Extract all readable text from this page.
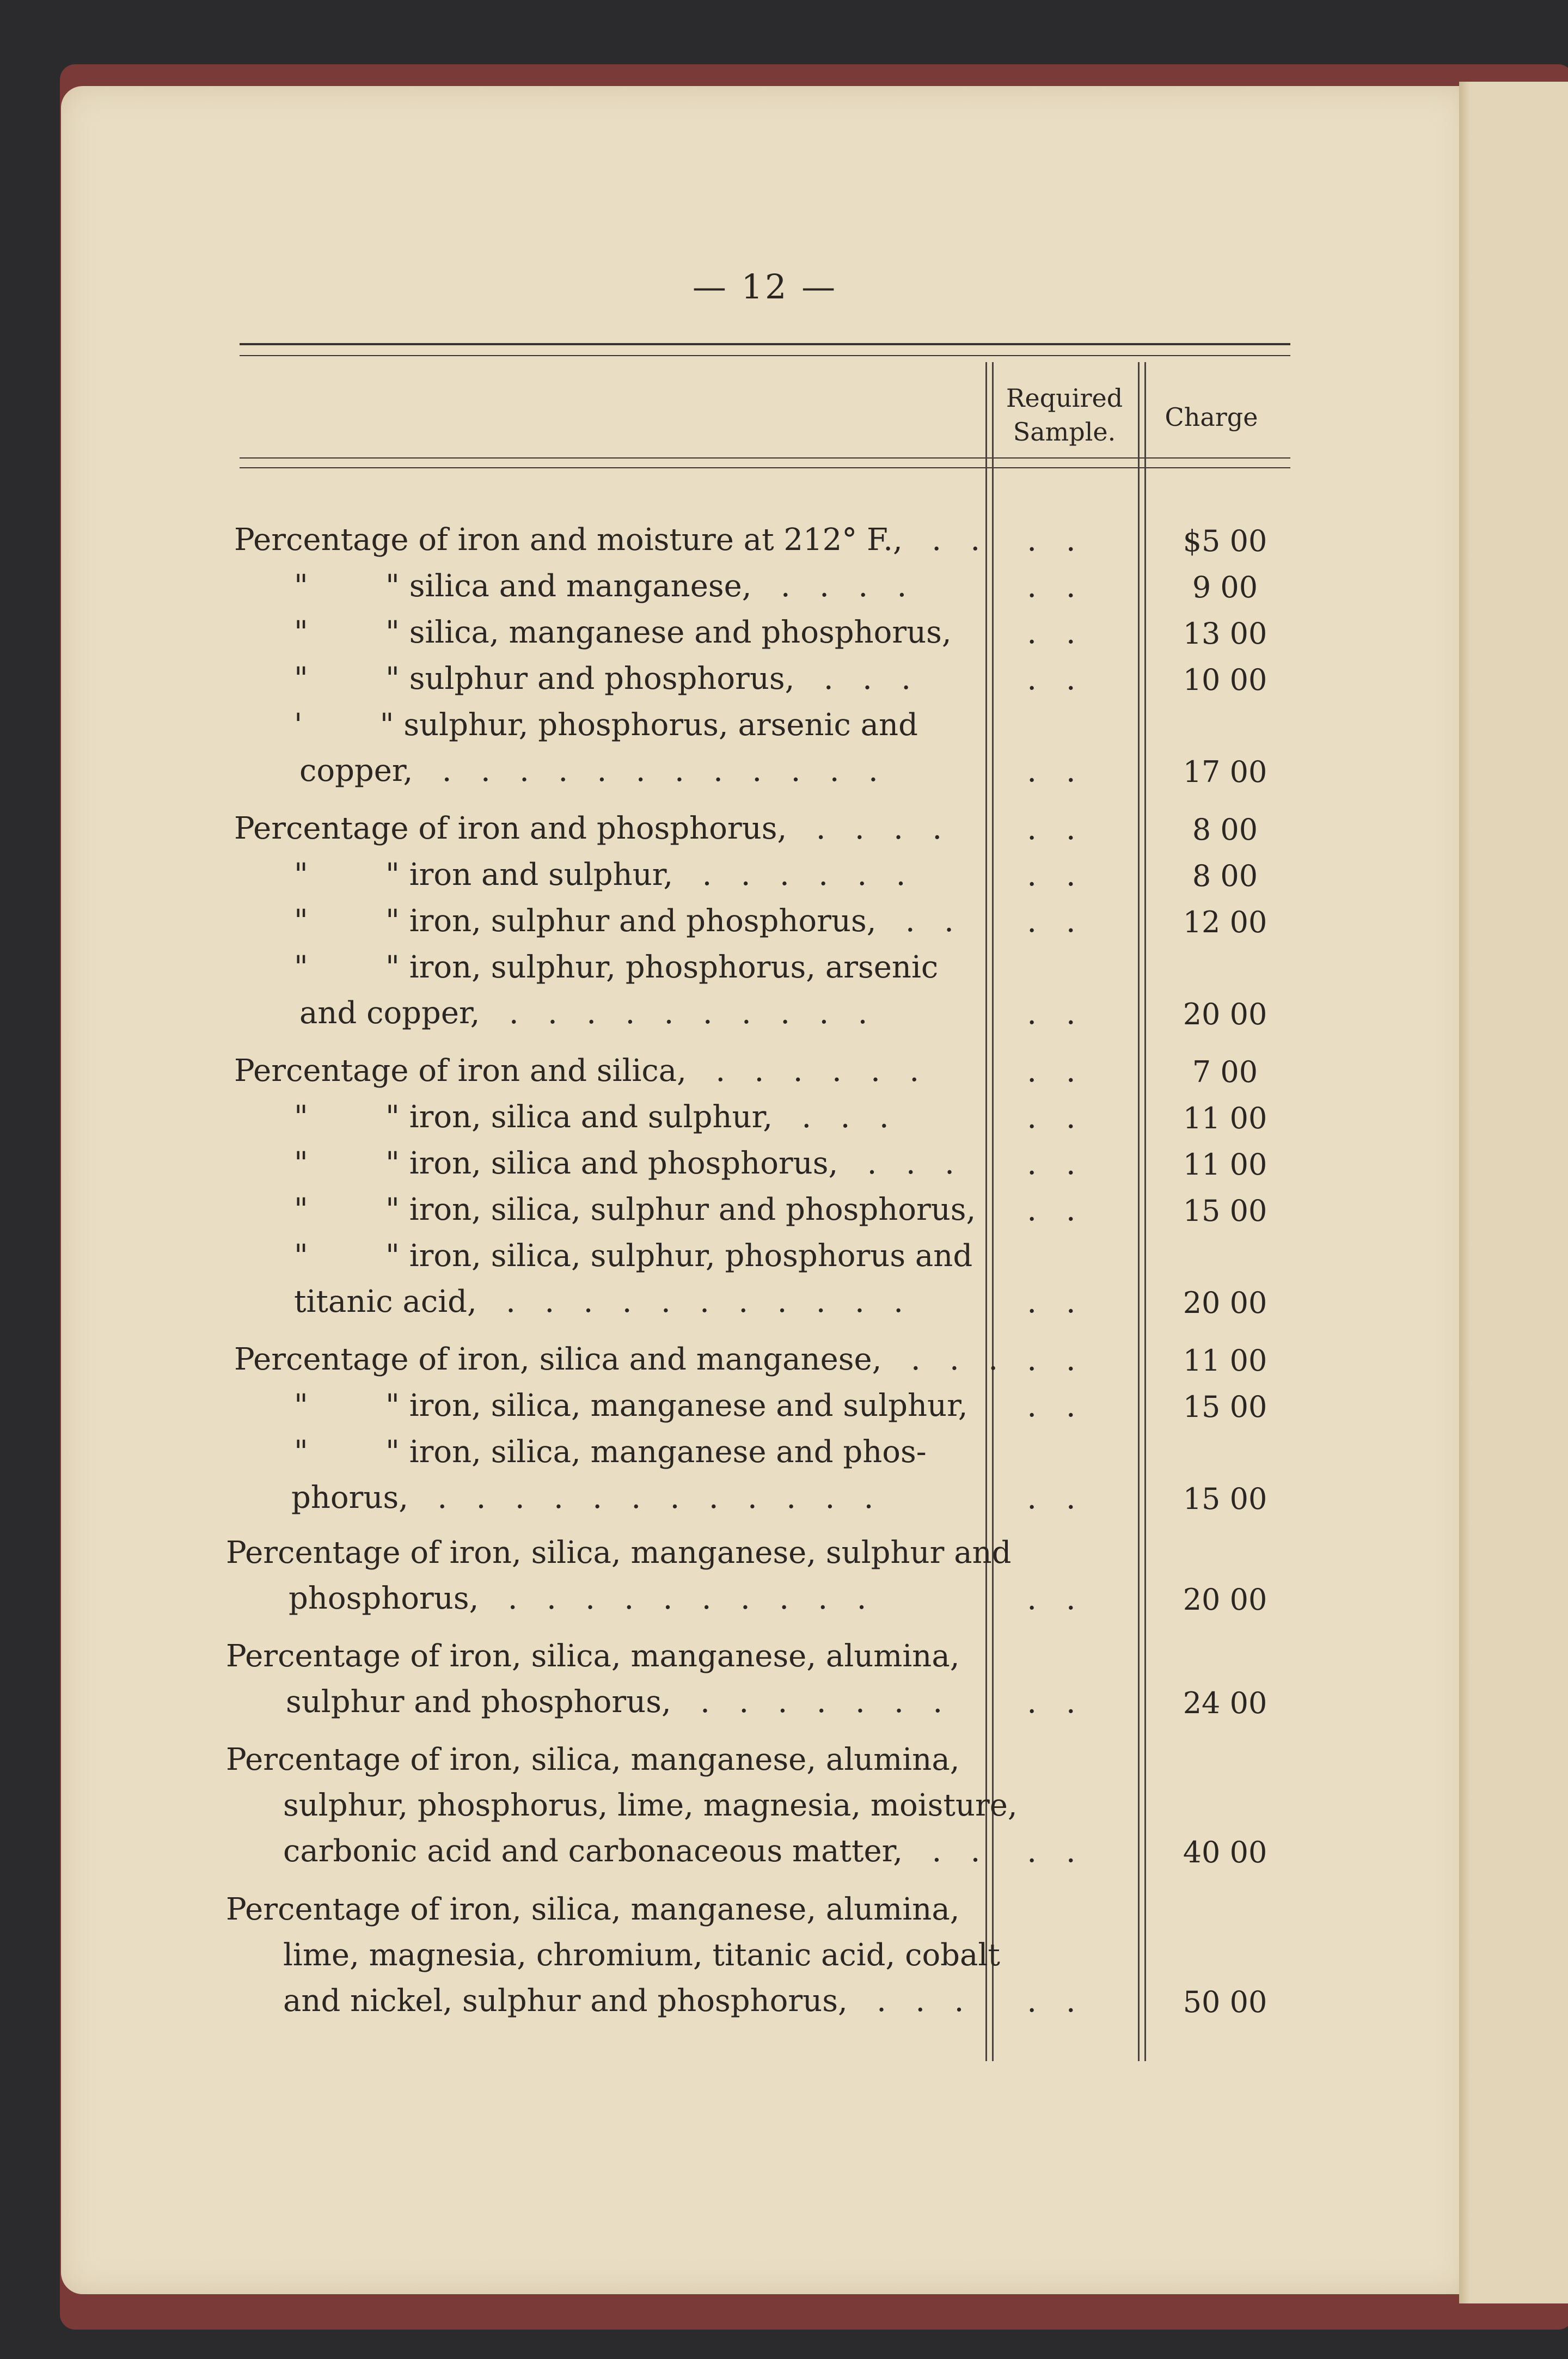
— 12 —
Required
Sample.	Charge
Percentage of iron and moisture at 212° F.,   .   . . .	$5 00
"        " silica and manganese,   .   .   .   .	. .	9 00
"        " silica, manganese and phosphorus, . .	13 00
"        " sulphur and phosphorus,   .   .   .	. .	10 00
'        " sulphur, phosphorus, arsenic and
copper,   .   .   .   .   .   .   .   .   .   .   .   .	. .	17 00
Percentage of iron and phosphorus,   .   .   .   .	. .	8 00
"        " iron and sulphur,   .   .   .   .   .   .	. .	8 00
"        " iron, sulphur and phosphorus,   .   . . .	12 00
"        " iron, sulphur, phosphorus, arsenic
and copper,   .   .   .   .   .   .   .   .   .   .	. .	20 00
Percentage of iron and silica,   .   .   .   .   .   .	. .	7 00
"        " iron, silica and sulphur,   .   .   .	. .	11 00
"        " iron, silica and phosphorus,   .   .   . . .	11 00
"        " iron, silica, sulphur and phosphorus, . .	15 00
"        " iron, silica, sulphur, phosphorus and
titanic acid,   .   .   .   .   .   .   .   .   .   .   .	. .	20 00
Percentage of iron, silica and manganese,   .   .   . . .	11 00
"        " iron, silica, manganese and sulphur, . .	15 00
"        " iron, silica, manganese and phos-
phorus,   .   .   .   .   .   .   .   .   .   .   .   .	. .	15 00
Percentage of iron, silica, manganese, sulphur and
phosphorus,   .   .   .   .   .   .   .   .   .   .	. .	20 00
Percentage of iron, silica, manganese, alumina,
sulphur and phosphorus,   .   .   .   .   .   .   .	. .	24 00
Percentage of iron, silica, manganese, alumina,
sulphur, phosphorus, lime, magnesia, moisture,
carbonic acid and carbonaceous matter,   .   . . .	40 00
Percentage of iron, silica, manganese, alumina,
lime, magnesia, chromium, titanic acid, cobalt
and nickel, sulphur and phosphorus,   .   .   . . .	50 00
